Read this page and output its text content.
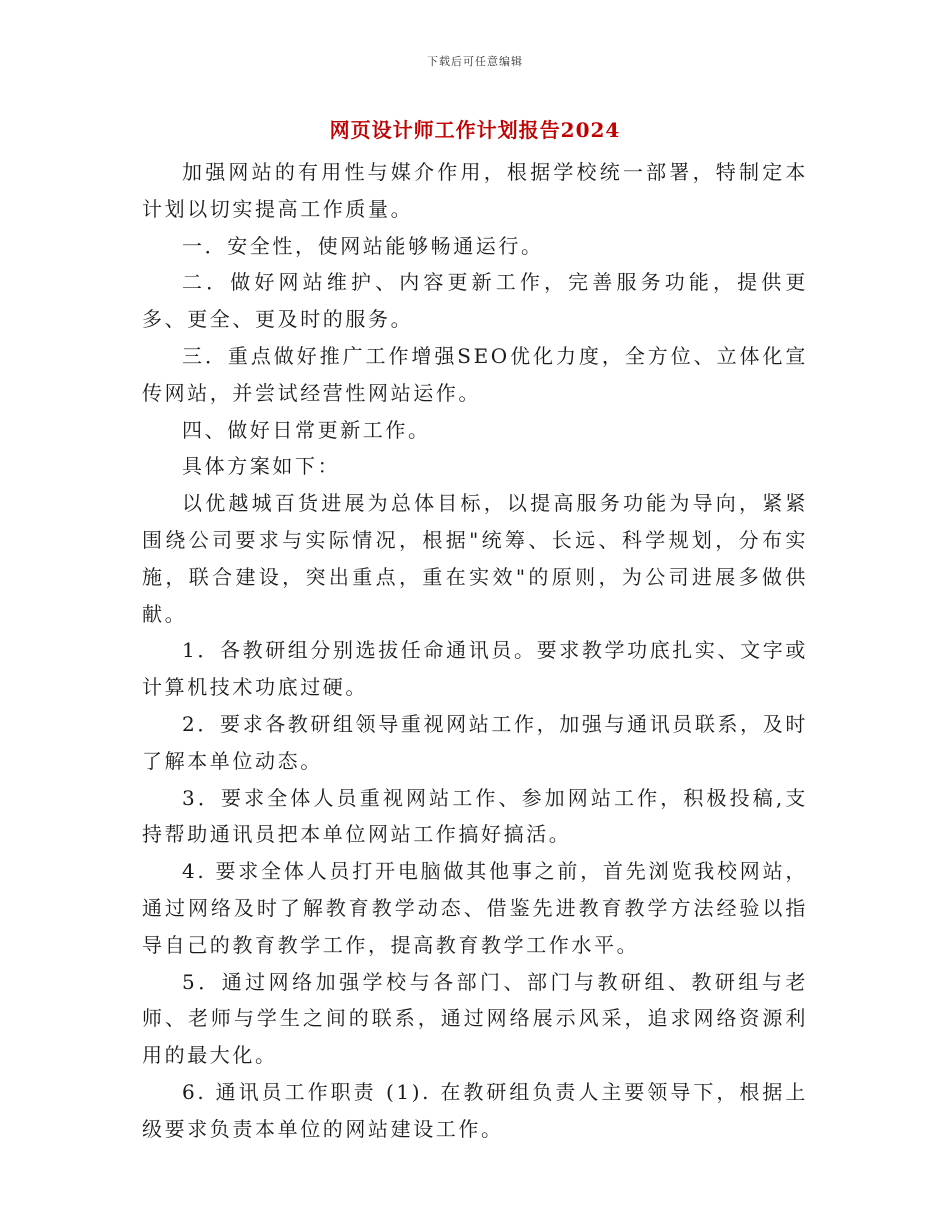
下载后可任意编辑
网页设计师工作计划报告2024

加强网站的有用性与媒介作用，根据学校统一部署，特制定本计划以切实提高工作质量。

一．安全性，使网站能够畅通运行。

二．做好网站维护、内容更新工作，完善服务功能，提供更多、更全、更及时的服务。

三．重点做好推广工作增强SEO优化力度，全方位、立体化宣传网站，并尝试经营性网站运作。

四、做好日常更新工作。

具体方案如下：

以优越城百货进展为总体目标，以提高服务功能为导向，紧紧围绕公司要求与实际情况，根据"统筹、长远、科学规划，分布实施，联合建设，突出重点，重在实效"的原则，为公司进展多做供献。

1．各教研组分别选拔任命通讯员。要求教学功底扎实、文字或计算机技术功底过硬。

2．要求各教研组领导重视网站工作，加强与通讯员联系，及时了解本单位动态。

3．要求全体人员重视网站工作、参加网站工作，积极投稿,支持帮助通讯员把本单位网站工作搞好搞活。

4. 要求全体人员打开电脑做其他事之前，首先浏览我校网站，通过网络及时了解教育教学动态、借鉴先进教育教学方法经验以指导自己的教育教学工作，提高教育教学工作水平。

5．通过网络加强学校与各部门、部门与教研组、教研组与老师、老师与学生之间的联系，通过网络展示风采，追求网络资源利用的最大化。

6. 通讯员工作职责 (1). 在教研组负责人主要领导下，根据上级要求负责本单位的网站建设工作。
